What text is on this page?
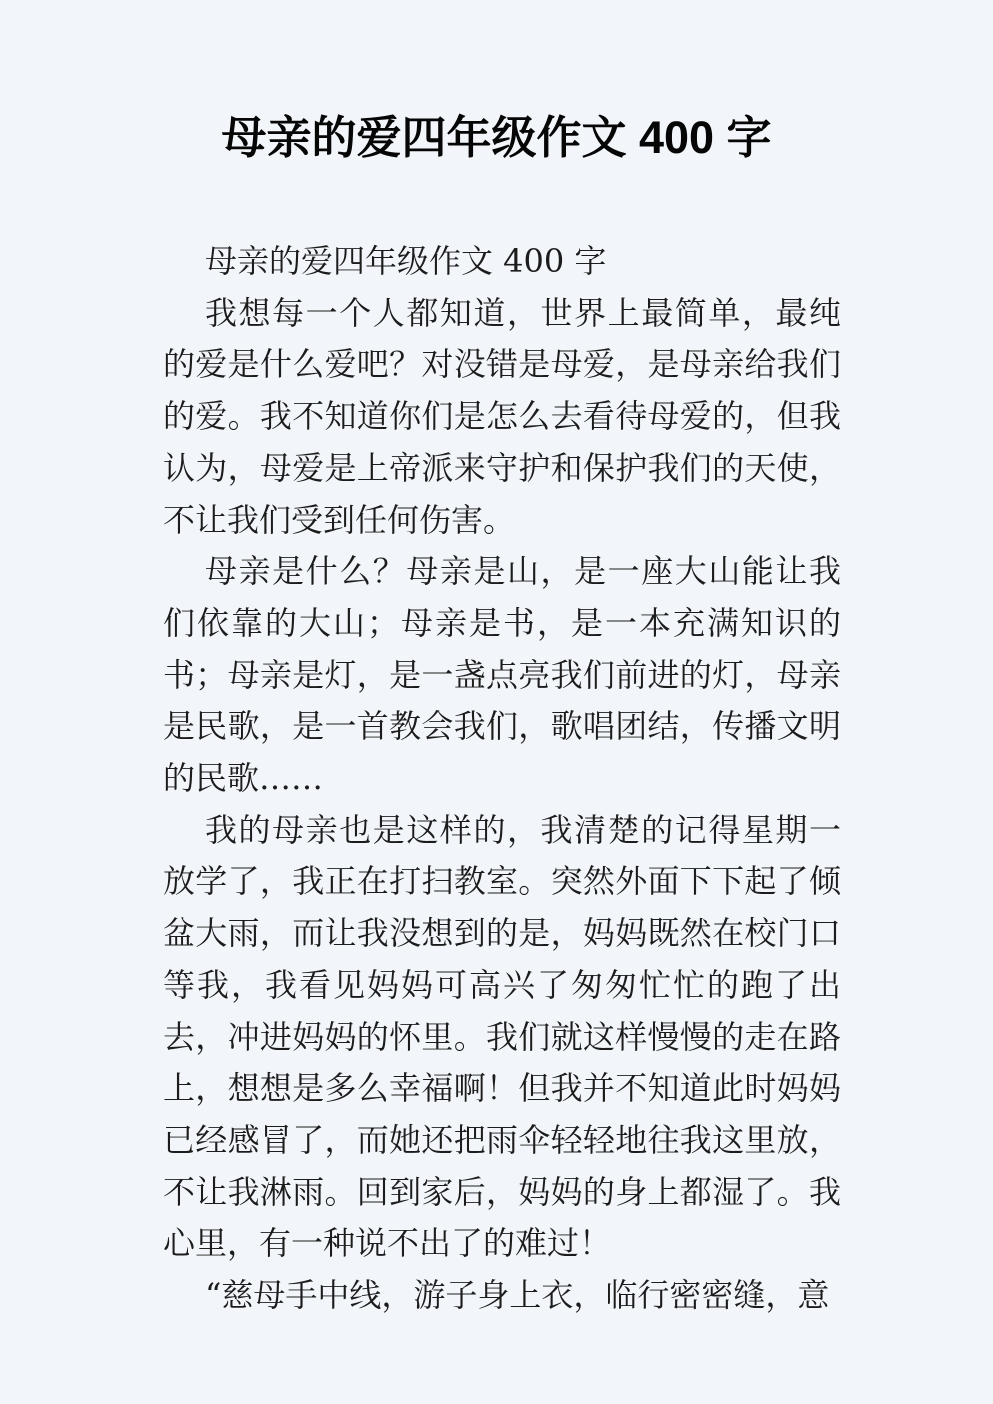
母亲的爱四年级作文 400 字

母亲的爱四年级作文 400 字

我想每一个人都知道，世界上最简单，最纯的爱是什么爱吧？对没错是母爱，是母亲给我们的爱。我不知道你们是怎么去看待母爱的，但我认为，母爱是上帝派来守护和保护我们的天使，不让我们受到任何伤害。

母亲是什么？母亲是山，是一座大山能让我们依靠的大山；母亲是书，是一本充满知识的书；母亲是灯，是一盏点亮我们前进的灯，母亲是民歌，是一首教会我们，歌唱团结，传播文明的民歌……

我的母亲也是这样的，我清楚的记得星期一放学了，我正在打扫教室。突然外面下下起了倾盆大雨，而让我没想到的是，妈妈既然在校门口等我，我看见妈妈可高兴了匆匆忙忙的跑了出去，冲进妈妈的怀里。我们就这样慢慢的走在路上，想想是多么幸福啊！但我并不知道此时妈妈已经感冒了，而她还把雨伞轻轻地往我这里放，不让我淋雨。回到家后，妈妈的身上都湿了。我心里，有一种说不出了的难过！

“慈母手中线，游子身上衣，临行密密缝，意
